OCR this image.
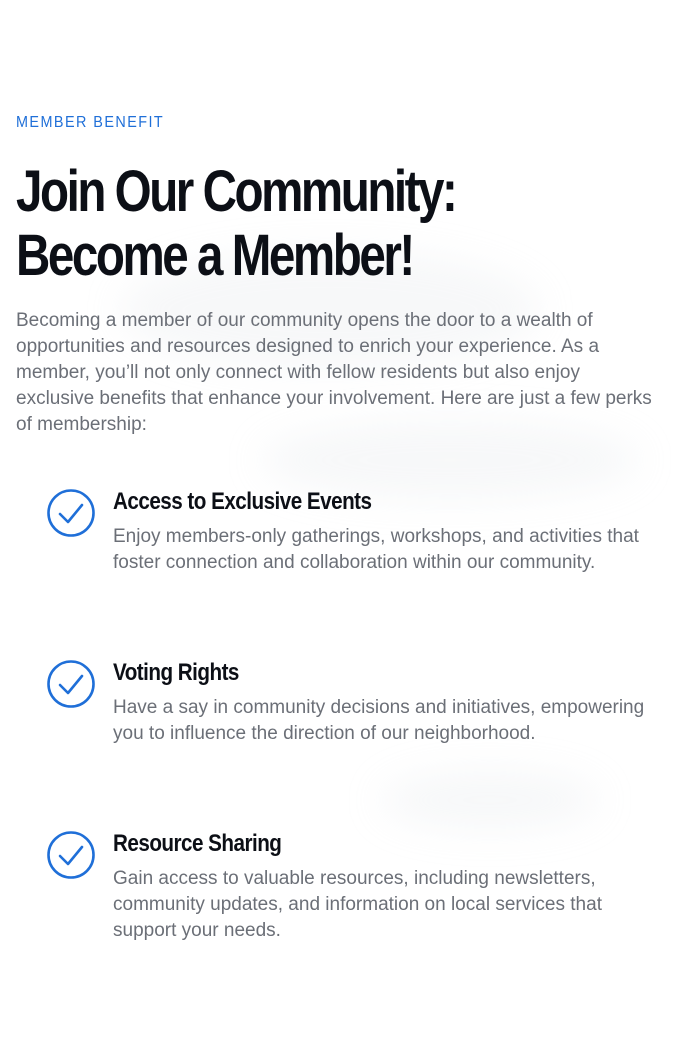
MEMBER BENEFIT
Join Our Community:
Become a Member!

Becoming a member of our community opens the door to a wealth of opportunities and resources designed to enrich your experience. As a member, you’ll not only connect with fellow residents but also enjoy exclusive benefits that enhance your involvement. Here are just a few perks of membership:

Access to Exclusive Events

Enjoy members-only gatherings, workshops, and activities that foster connection and collaboration within our community.

Voting Rights

Have a say in community decisions and initiatives, empowering you to influence the direction of our neighborhood.

Resource Sharing

Gain access to valuable resources, including newsletters, community updates, and information on local services that support your needs.
